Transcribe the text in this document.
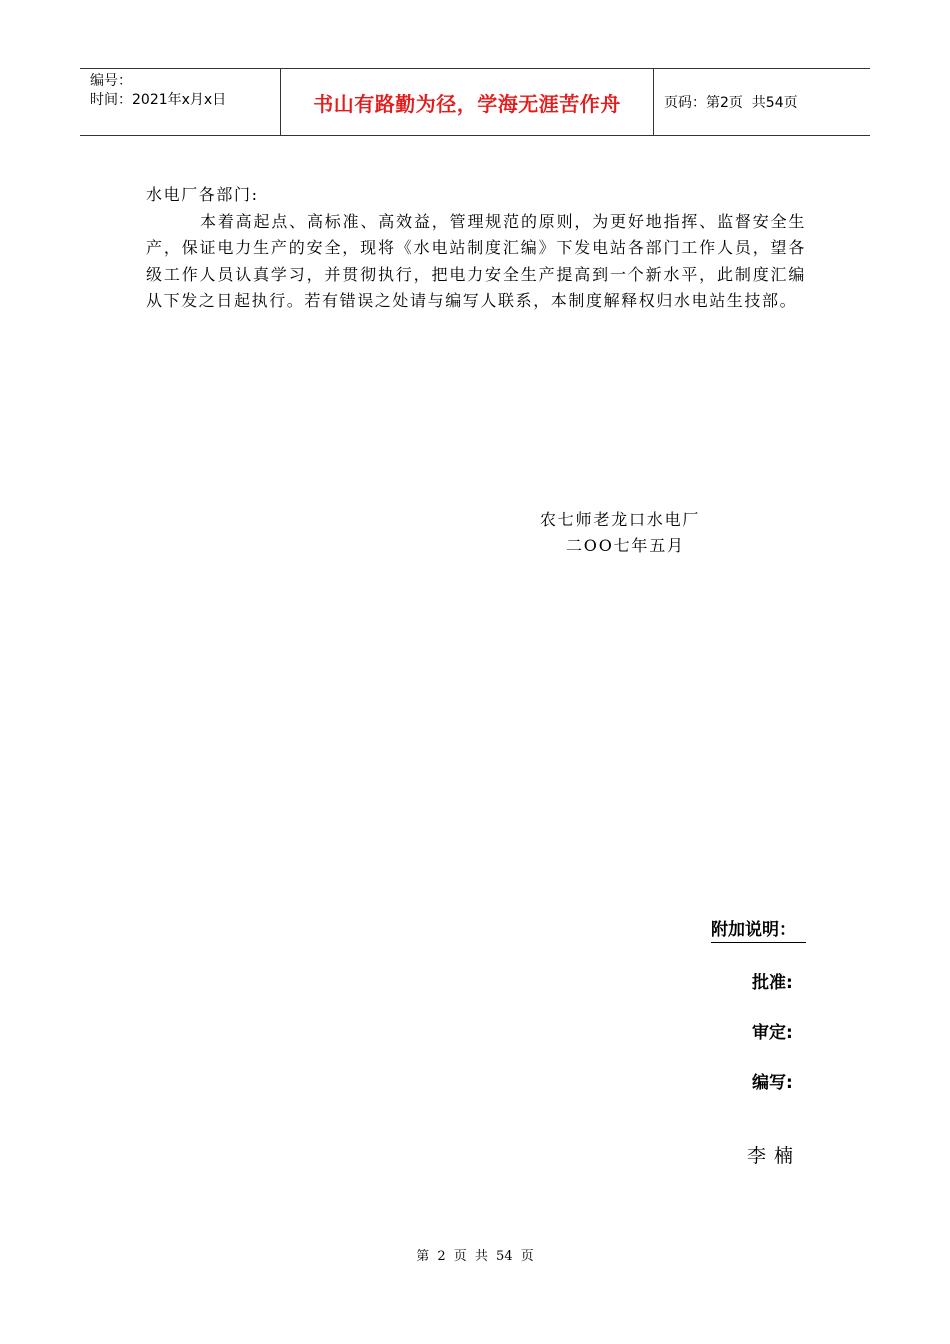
编号：
时间：2021年x月x日	书山有路勤为径，学海无涯苦作舟	页码：第2页  共54页

水电厂各部门:

本着高起点、高标准、高效益，管理规范的原则，为更好地指挥、监督安全生产，保证电力生产的安全，现将《水电站制度汇编》下发电站各部门工作人员，望各级工作人员认真学习，并贯彻执行，把电力安全生产提高到一个新水平，此制度汇编从下发之日起执行。若有错误之处请与编写人联系，本制度解释权归水电站生技部。

农七师老龙口水电厂
二OO七年五月
附加说明：
批准:
审定:
编写:
李楠
第 2 页 共 54 页
